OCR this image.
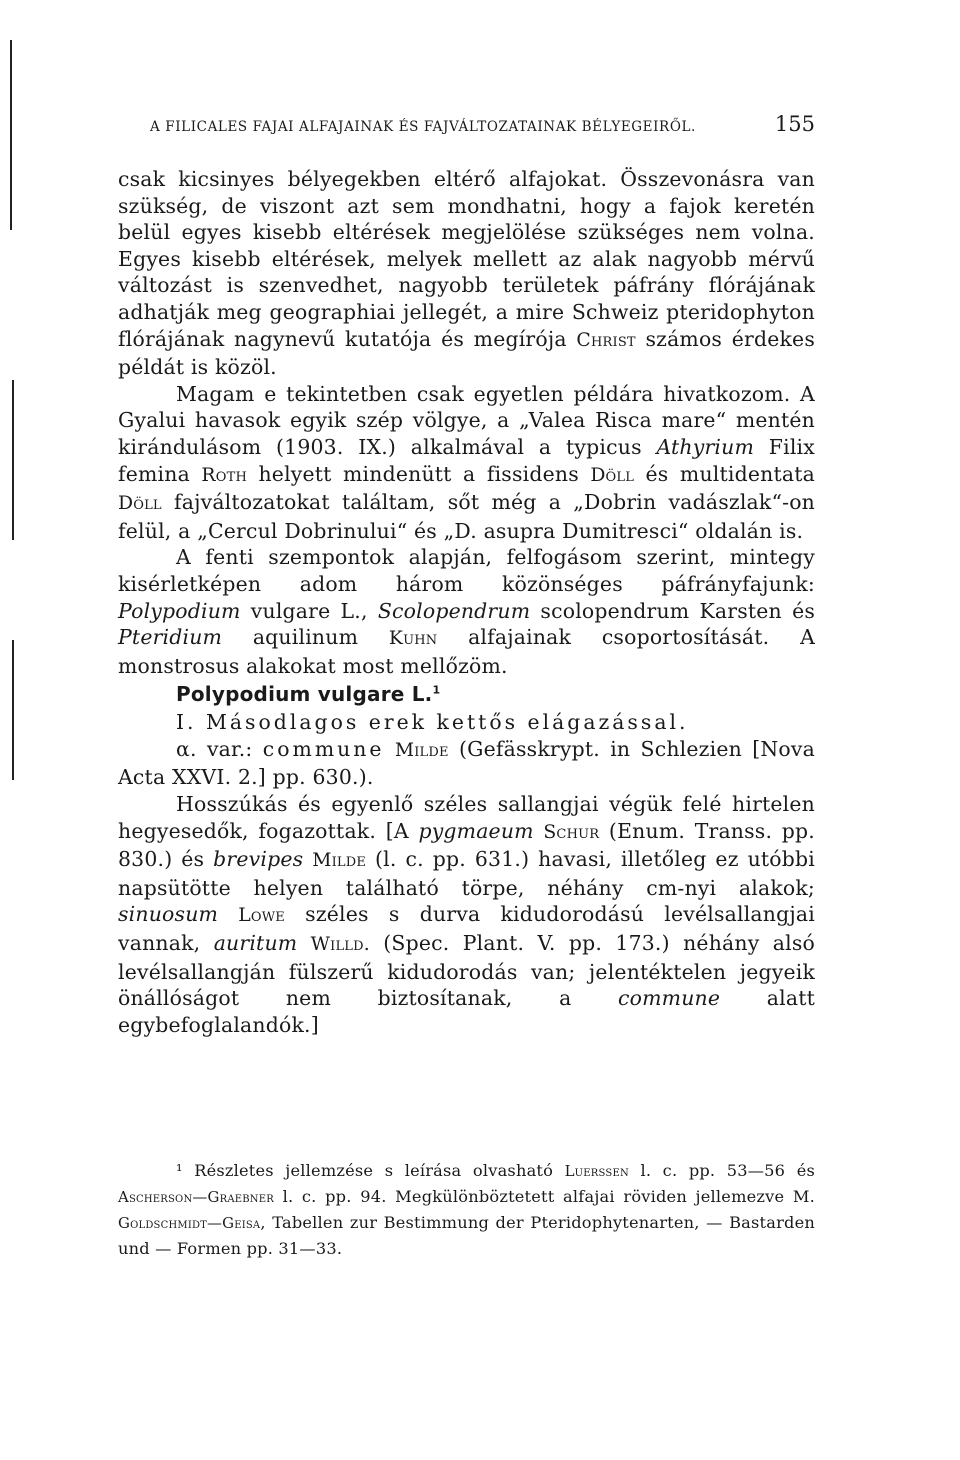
A FILICALES FAJAI ALFAJAINAK ÉS FAJVÁLTOZATAINAK BÉLYEGEIRŐL.	155

csak kicsinyes bélyegekben eltérő alfajokat. Összevonásra van szükség, de viszont azt sem mondhatni, hogy a fajok keretén belül egyes kisebb eltérések megjelölése szükséges nem volna. Egyes kisebb eltérések, melyek mellett az alak nagyobb mérvű változást is szenvedhet, nagyobb területek páfrány flórájának adhatják meg geographiai jellegét, a mire Schweiz pteridophyton flórájának nagynevű kutatója és megírója Christ számos érdekes példát is közöl.

Magam e tekintetben csak egyetlen példára hivatkozom. A Gyalui havasok egyik szép völgye, a „Valea Risca mare“ mentén kirándulásom (1903. IX.) alkalmával a typicus Athyrium Filix femina Roth helyett mindenütt a fissidens Döll és multidentata Döll fajváltozatokat találtam, sőt még a „Dobrin vadászlak“-on felül, a „Cercul Dobrinului“ és „D. asupra Dumitresci“ oldalán is.

A fenti szempontok alapján, felfogásom szerint, mintegy kisérletképen adom három közönséges páfrányfajunk: Polypodium vulgare L., Scolopendrum scolopendrum Karsten és Pteridium aquilinum Kuhn alfajainak csoportosítását. A monstrosus alakokat most mellőzöm.

Polypodium vulgare L.$^1$

I. Másodlagos erek kettős elágazással.

α. var.: commune Milde (Gefässkrypt. in Schlezien [Nova Acta XXVI. 2.] pp. 630.).

Hosszúkás és egyenlő széles sallangjai végük felé hirtelen hegyesedők, fogazottak. [A pygmaeum Schur (Enum. Transs. pp. 830.) és brevipes Milde (l. c. pp. 631.) havasi, illetőleg ez utóbbi napsütötte helyen található törpe, néhány cm-nyi alakok; sinuosum Lowe széles s durva kidudorodású levélsallangjai vannak, auritum Willd. (Spec. Plant. V. pp. 173.) néhány alsó levélsallangján fülszerű kidudorodás van; jelentéktelen jegyeik önállóságot nem biztosítanak, a commune alatt egybefoglalandók.]

¹ Részletes jellemzése s leírása olvasható Luerssen l. c. pp. 53—56 és Ascherson—Graebner l. c. pp. 94. Megkülönböztetett alfajai röviden jellemezve M. Goldschmidt—Geisa, Tabellen zur Bestimmung der Pteridophytenarten, — Bastarden und — Formen pp. 31—33.
